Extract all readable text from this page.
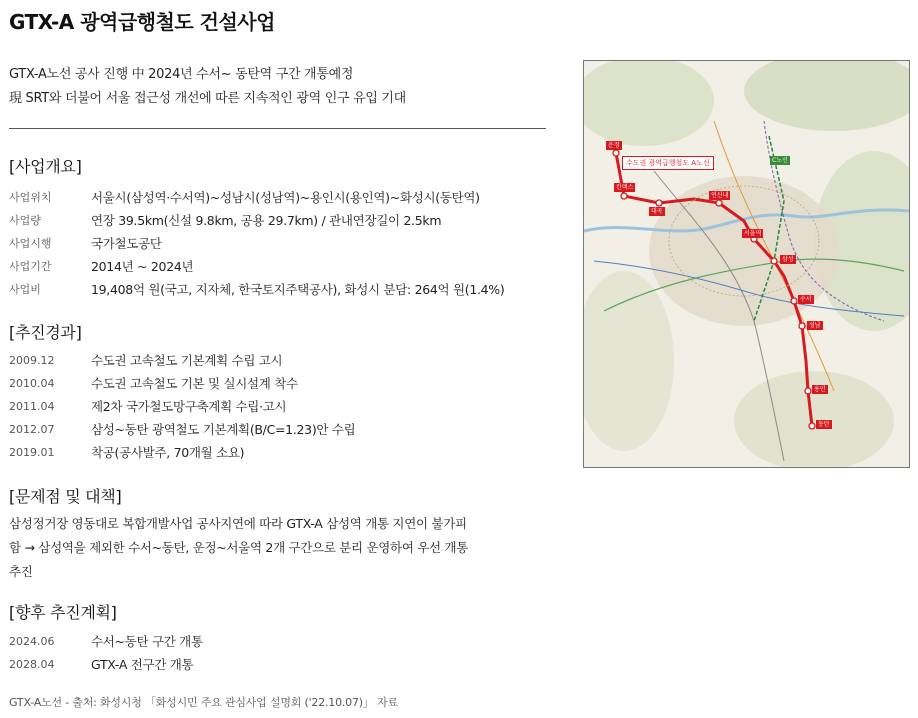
GTX-A 광역급행철도 건설사업
GTX-A노선 공사 진행 中 2024년 수서~ 동탄역 구간 개통예정
現 SRT와 더불어 서울 접근성 개선에 따른 지속적인 광역 인구 유입 기대
[사업개요]
사업위치	서울시(삼성역·수서역)~성남시(성남역)~용인시(용인역)~화성시(동탄역)
사업량	연장 39.5km(신설 9.8km, 공용 29.7km) / 관내연장길이 2.5km
사업시행	국가철도공단
사업기간	2014년 ~ 2024년
사업비	19,408억 원(국고, 지자체, 한국토지주택공사), 화성시 분담: 264억 원(1.4%)
[추진경과]
2009.12	수도권 고속철도 기본계획 수립 고시
2010.04	수도권 고속철도 기본 및 실시설계 착수
2011.04	제2차 국가철도망구축계획 수립·고시
2012.07	삼성~동탄 광역철도 기본계획(B/C=1.23)안 수립
2019.01	착공(공사발주, 70개월 소요)
[문제점 및 대책]
삼성정거장 영동대로 복합개발사업 공사지연에 따라 GTX-A 삼성역 개통 지연이 불가피함 → 삼성역을 제외한 수서~동탄, 운정~서울역 2개 구간으로 분리 운영하여 우선 개통 추진
[향후 추진계획]
2024.06	수서~동탄 구간 개통
2028.04	GTX-A 전구간 개통
GTX-A노선 - 출처: 화성시청 「화성시민 주요 관심사업 설명회 ('22.10.07)」 자료
수도권 광역급행철도 A노선	C노선
운정
킨텍스
대곡
연신내
서울역
삼성
수서
성남
용인
동탄
